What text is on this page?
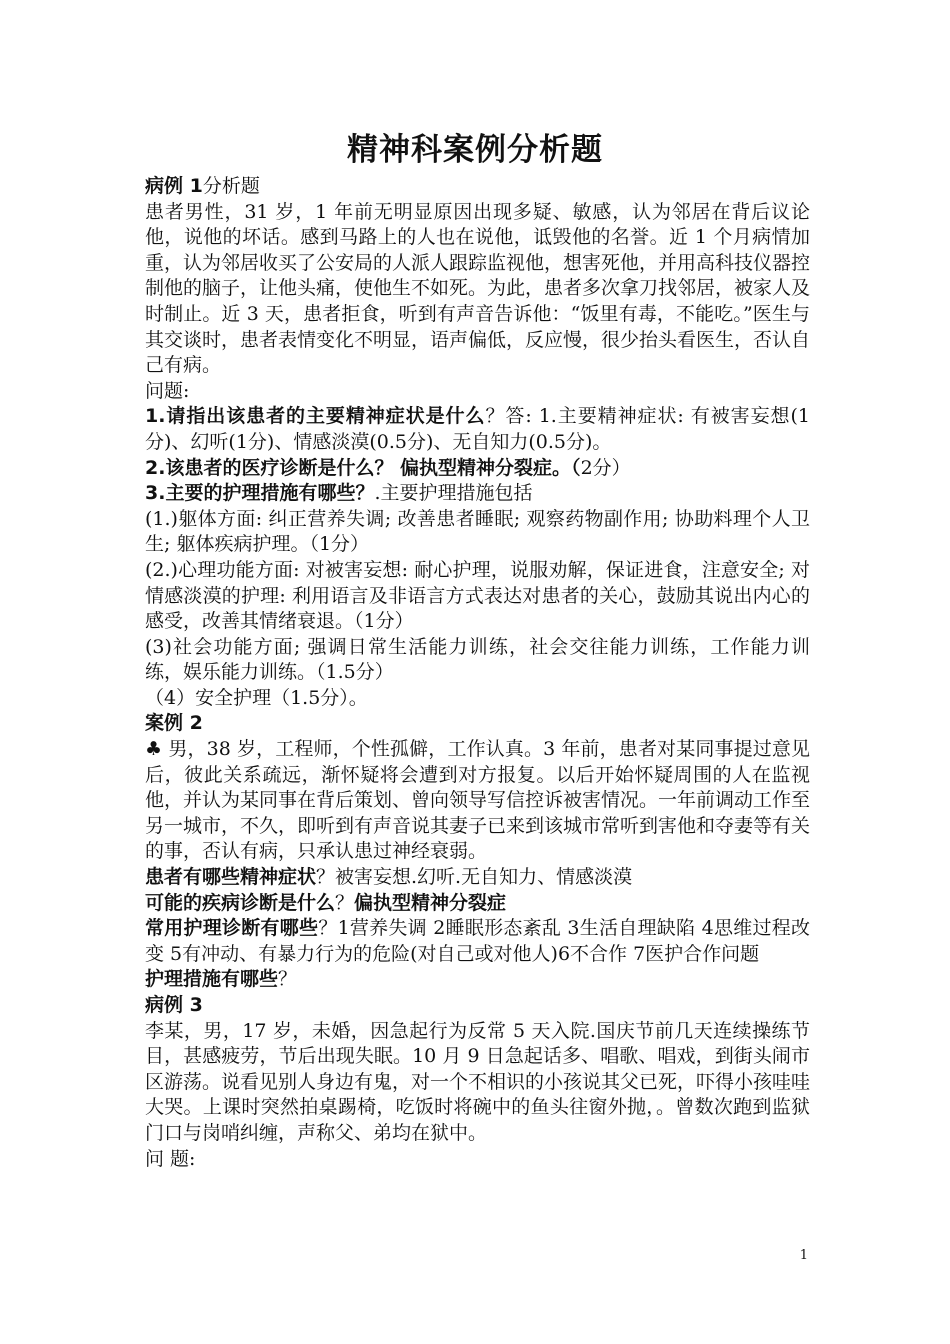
精神科案例分析题

病例 1分析题

患者男性，31 岁，1 年前无明显原因出现多疑、敏感，认为邻居在背后议论他，说他的坏话。感到马路上的人也在说他，诋毁他的名誉。近 1 个月病情加重，认为邻居收买了公安局的人派人跟踪监视他，想害死他，并用高科技仪器控制他的脑子，让他头痛，使他生不如死。为此，患者多次拿刀找邻居，被家人及时制止。近 3 天，患者拒食，听到有声音告诉他：“饭里有毒，不能吃。”医生与其交谈时，患者表情变化不明显，语声偏低，反应慢，很少抬头看医生，否认自己有病。

问题:

1.请指出该患者的主要精神症状是什么？答: 1.主要精神症状: 有被害妄想(1分)、幻听(1分)、情感淡漠(0.5分)、无自知力(0.5分)。

2.该患者的医疗诊断是什么？ 偏执型精神分裂症。（2分）

3.主要的护理措施有哪些？.主要护理措施包括

(1.)躯体方面: 纠正营养失调; 改善患者睡眠; 观察药物副作用; 协助料理个人卫生; 躯体疾病护理。（1分）

(2.)心理功能方面: 对被害妄想: 耐心护理，说服劝解，保证进食，注意安全; 对情感淡漠的护理: 利用语言及非语言方式表达对患者的关心，鼓励其说出内心的感受，改善其情绪衰退。（1分）

(3)社会功能方面; 强调日常生活能力训练，社会交往能力训练，工作能力训练，娱乐能力训练。（1.5分）

（4）安全护理（1.5分）。

案例 2

♣ 男，38 岁，工程师，个性孤僻，工作认真。3 年前，患者对某同事提过意见后，彼此关系疏远，渐怀疑将会遭到对方报复。以后开始怀疑周围的人在监视他，并认为某同事在背后策划、曾向领导写信控诉被害情况。一年前调动工作至另一城市，不久，即听到有声音说其妻子已来到该城市常听到害他和夺妻等有关的事，否认有病，只承认患过神经衰弱。

患者有哪些精神症状？被害妄想.幻听.无自知力、情感淡漠

可能的疾病诊断是什么？偏执型精神分裂症

常用护理诊断有哪些？1营养失调 2睡眠形态紊乱 3生活自理缺陷 4思维过程改变 5有冲动、有暴力行为的危险(对自己或对他人)6不合作 7医护合作问题

护理措施有哪些？

病例 3

李某，男，17 岁，未婚，因急起行为反常 5 天入院.国庆节前几天连续操练节目，甚感疲劳，节后出现失眠。10 月 9 日急起话多、唱歌、唱戏，到街头闹市区游荡。说看见别人身边有鬼，对一个不相识的小孩说其父已死，吓得小孩哇哇大哭。上课时突然拍桌踢椅，吃饭时将碗中的鱼头往窗外抛，。曾数次跑到监狱门口与岗哨纠缠，声称父、弟均在狱中。

问 题:

1
